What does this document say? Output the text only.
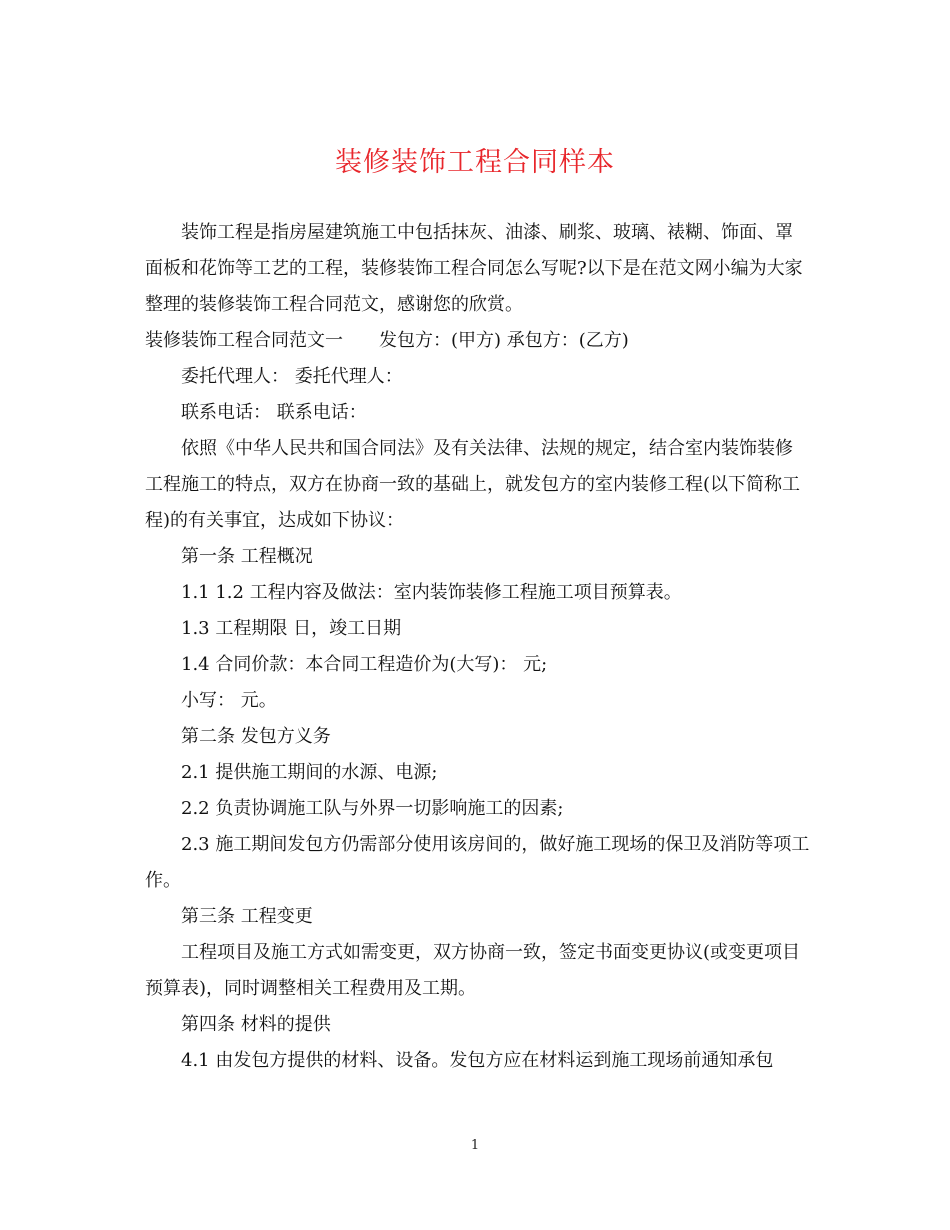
装修装饰工程合同样本

装饰工程是指房屋建筑施工中包括抹灰、油漆、刷浆、玻璃、裱糊、饰面、罩面板和花饰等工艺的工程，装修装饰工程合同怎么写呢?以下是在范文网小编为大家整理的装修装饰工程合同范文，感谢您的欣赏。

装修装饰工程合同范文一 发包方：(甲方) 承包方：(乙方)

委托代理人： 委托代理人：

联系电话： 联系电话：

依照《中华人民共和国合同法》及有关法律、法规的规定，结合室内装饰装修工程施工的特点，双方在协商一致的基础上，就发包方的室内装修工程(以下简称工程)的有关事宜，达成如下协议：

第一条 工程概况

1.1 1.2 工程内容及做法：室内装饰装修工程施工项目预算表。

1.3 工程期限 日，竣工日期

1.4 合同价款：本合同工程造价为(大写)： 元;

小写： 元。

第二条 发包方义务

2.1 提供施工期间的水源、电源;

2.2 负责协调施工队与外界一切影响施工的因素;

2.3 施工期间发包方仍需部分使用该房间的，做好施工现场的保卫及消防等项工作。

第三条 工程变更

工程项目及施工方式如需变更，双方协商一致，签定书面变更协议(或变更项目预算表)，同时调整相关工程费用及工期。

第四条 材料的提供

4.1 由发包方提供的材料、设备。发包方应在材料运到施工现场前通知承包

1
